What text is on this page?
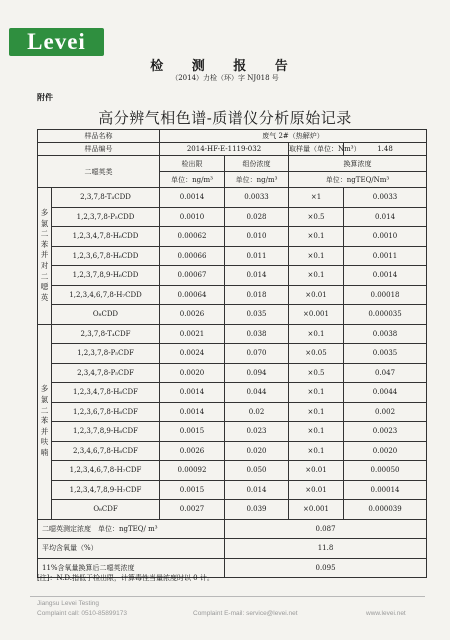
Levei
检 测 报 告
（2014）力检（环）字 NJ018 号
附件
高分辨气相色谱-质谱仪分析原始记录
样品名称		废气 2#（热解炉）			
样品编号		2014-HF-E-1119-032		取样量（单位：Nm³）	1.48
二噁英类		检出限	组份浓度	换算浓度	
		单位：ng/m³	单位：ng/m³	单位：ngTEQ/Nm³	
多氯二苯并对二噁英	2,3,7,8-T₄CDD	0.0014	0.0033	×1	0.0033
	1,2,3,7,8-P₅CDD	0.0010	0.028	×0.5	0.014
	1,2,3,4,7,8-H₆CDD	0.00062	0.010	×0.1	0.0010
	1,2,3,6,7,8-H₆CDD	0.00066	0.011	×0.1	0.0011
	1,2,3,7,8,9-H₆CDD	0.00067	0.014	×0.1	0.0014
	1,2,3,4,6,7,8-H₇CDD	0.00064	0.018	×0.01	0.00018
	O₈CDD	0.0026	0.035	×0.001	0.000035
多氯二苯并呋喃	2,3,7,8-T₄CDF	0.0021	0.038	×0.1	0.0038
	1,2,3,7,8-P₅CDF	0.0024	0.070	×0.05	0.0035
	2,3,4,7,8-P₅CDF	0.0020	0.094	×0.5	0.047
	1,2,3,4,7,8-H₆CDF	0.0014	0.044	×0.1	0.0044
	1,2,3,6,7,8-H₆CDF	0.0014	0.02	×0.1	0.002
	1,2,3,7,8,9-H₆CDF	0.0015	0.023	×0.1	0.0023
	2,3,4,6,7,8-H₆CDF	0.0026	0.020	×0.1	0.0020
	1,2,3,4,6,7,8-H₇CDF	0.00092	0.050	×0.01	0.00050
	1,2,3,4,7,8,9-H₇CDF	0.0015	0.014	×0.01	0.00014
	O₈CDF	0.0027	0.039	×0.001	0.000039
二噁英测定浓度　单位：ngTEQ/ m³			0.087		
平均含氧量（%）			11.8		
11%含氧量换算后二噁英浓度			0.095		
[注]：N.D.指低于检出限，计算毒性当量浓度时以 0 计。
Jiangsu Levei Testing
Complaint call: 0510-85899173	Complaint E-mail: service@levei.net	www.levei.net
